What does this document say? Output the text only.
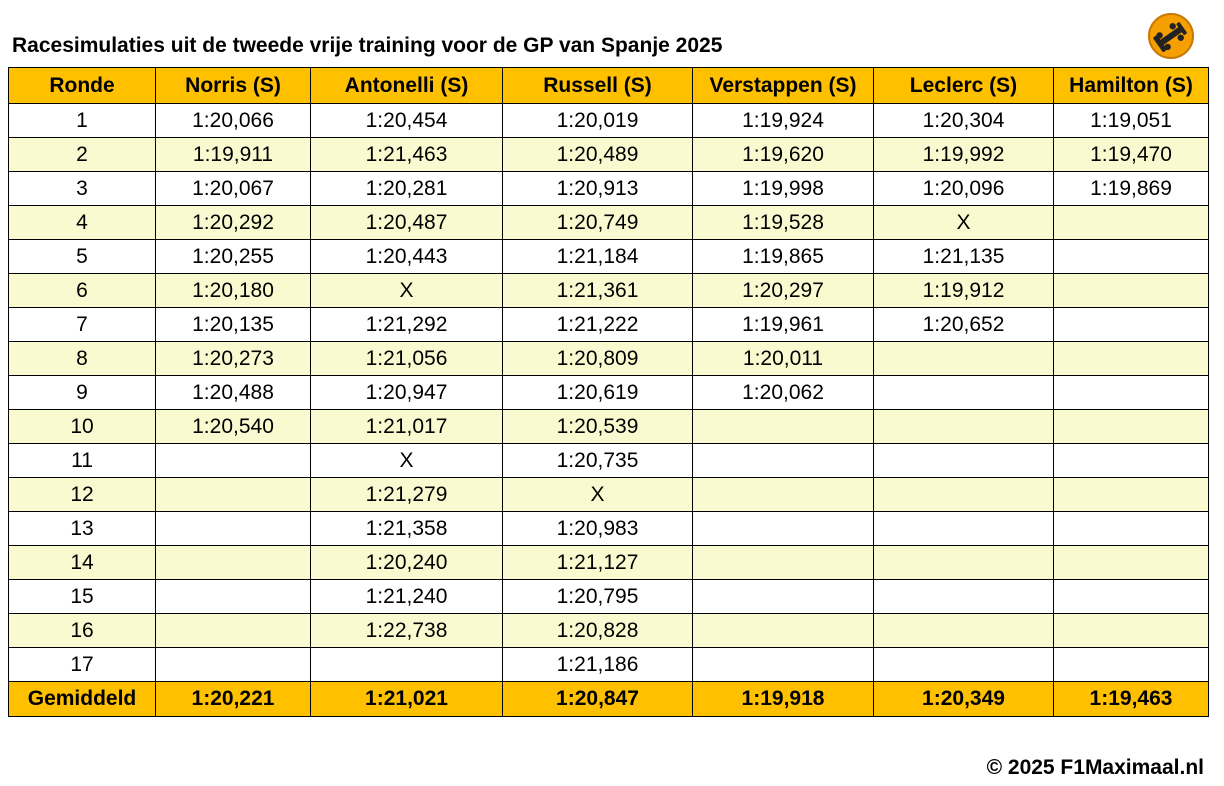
Racesimulaties uit de tweede vrije training voor de GP van Spanje 2025
Ronde	Norris (S)	Antonelli (S)	Russell (S)	Verstappen (S)	Leclerc (S)	Hamilton (S)
1	1:20,066	1:20,454	1:20,019	1:19,924	1:20,304	1:19,051
2	1:19,911	1:21,463	1:20,489	1:19,620	1:19,992	1:19,470
3	1:20,067	1:20,281	1:20,913	1:19,998	1:20,096	1:19,869
4	1:20,292	1:20,487	1:20,749	1:19,528	X	
5	1:20,255	1:20,443	1:21,184	1:19,865	1:21,135	
6	1:20,180	X	1:21,361	1:20,297	1:19,912	
7	1:20,135	1:21,292	1:21,222	1:19,961	1:20,652	
8	1:20,273	1:21,056	1:20,809	1:20,011		
9	1:20,488	1:20,947	1:20,619	1:20,062		
10	1:20,540	1:21,017	1:20,539			
11		X	1:20,735			
12		1:21,279	X			
13		1:21,358	1:20,983			
14		1:20,240	1:21,127			
15		1:21,240	1:20,795			
16		1:22,738	1:20,828			
17			1:21,186			
Gemiddeld	1:20,221	1:21,021	1:20,847	1:19,918	1:20,349	1:19,463
© 2025 F1Maximaal.nl
